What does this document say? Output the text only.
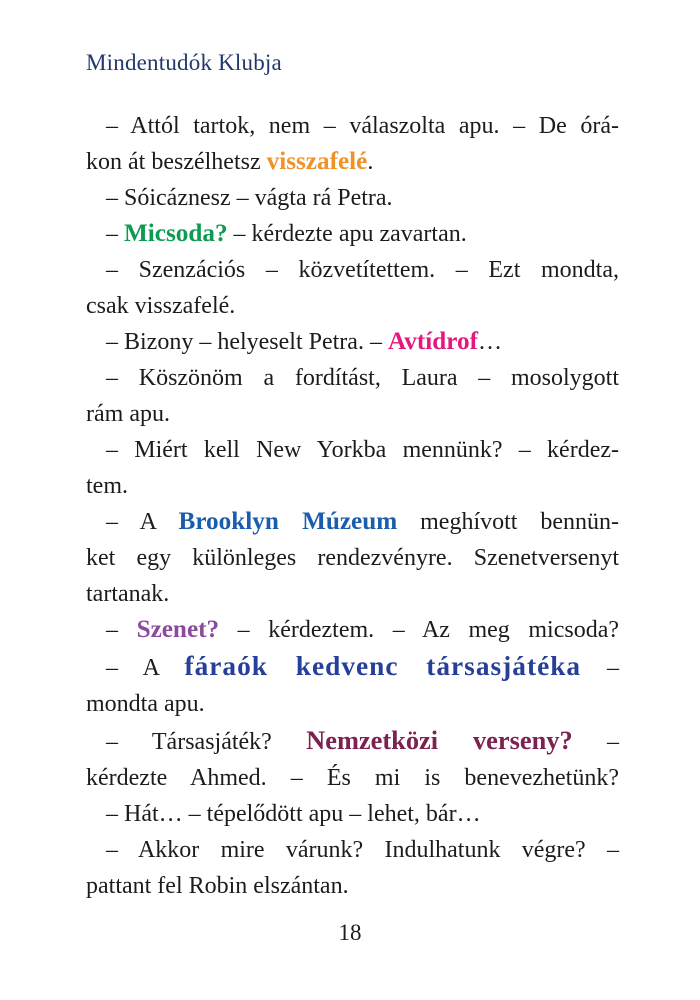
Mindentudók Klubja
– Attól tartok, nem – válaszolta apu. – De órá-
kon át beszélhetsz visszafelé.
– Sóicáznesz – vágta rá Petra.
– Micsoda? – kérdezte apu zavartan.
– Szenzációs – közvetítettem. – Ezt mondta,
csak visszafelé.
– Bizony – helyeselt Petra. – Avtídrof…
– Köszönöm a fordítást, Laura – mosolygott
rám apu.
– Miért kell New Yorkba mennünk? – kérdez-
tem.
– A Brooklyn Múzeum meghívott bennün-
ket egy különleges rendezvényre. Szenetversenyt
tartanak.
– Szenet? – kérdeztem. – Az meg micsoda?
– A fáraók kedvenc társasjátéka –
mondta apu.
– Társasjáték? Nemzetközi verseny? –
kérdezte Ahmed. – És mi is benevezhetünk?
– Hát… – tépelődött apu – lehet, bár…
– Akkor mire várunk? Indulhatunk végre? –
pattant fel Robin elszántan.
18
